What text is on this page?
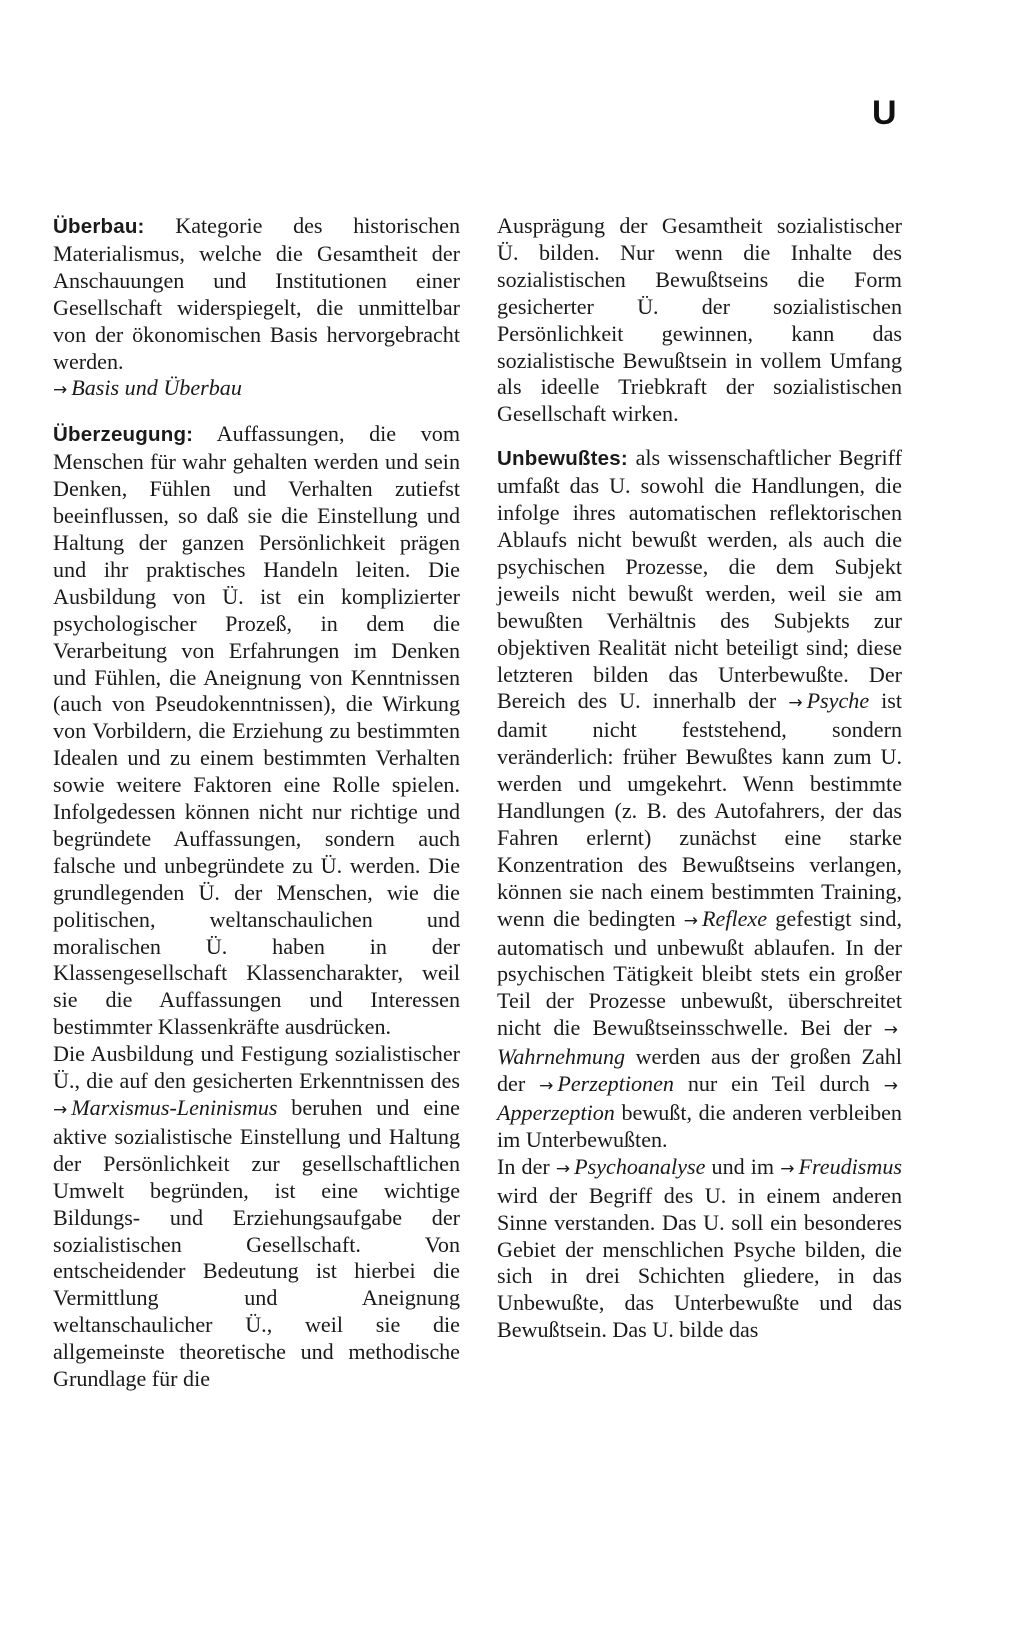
U

Überbau: Kategorie des historischen Materialismus, welche die Gesamtheit der Anschauungen und Institutionen einer Gesellschaft widerspiegelt, die unmittelbar von der ökonomischen Basis hervorgebracht werden.
→ Basis und Überbau

Überzeugung: Auffassungen, die vom Menschen für wahr gehalten werden und sein Denken, Fühlen und Verhalten zutiefst beeinflussen, so daß sie die Einstellung und Haltung der ganzen Persönlichkeit prägen und ihr praktisches Handeln leiten. Die Ausbildung von Ü. ist ein komplizierter psychologischer Prozeß, in dem die Verarbeitung von Erfahrungen im Denken und Fühlen, die Aneignung von Kenntnissen (auch von Pseudokenntnissen), die Wirkung von Vorbildern, die Erziehung zu bestimmten Idealen und zu einem bestimmten Verhalten sowie weitere Faktoren eine Rolle spielen. Infolgedessen können nicht nur richtige und begründete Auffassungen, sondern auch falsche und unbegründete zu Ü. werden. Die grundlegenden Ü. der Menschen, wie die politischen, weltanschaulichen und moralischen Ü. haben in der Klassengesellschaft Klassencharakter, weil sie die Auffassungen und Interessen bestimmter Klassenkräfte ausdrücken.

Die Ausbildung und Festigung sozialistischer Ü., die auf den gesicherten Erkenntnissen des → Marxismus-Leninismus beruhen und eine aktive sozialistische Einstellung und Haltung der Persönlichkeit zur gesellschaftlichen Umwelt begründen, ist eine wichtige Bildungs- und Erziehungsaufgabe der sozialistischen Gesellschaft. Von entscheidender Bedeutung ist hierbei die Vermittlung und Aneignung weltanschaulicher Ü., weil sie die allgemeinste theoretische und methodische Grundlage für die

Ausprägung der Gesamtheit sozialistischer Ü. bilden. Nur wenn die Inhalte des sozialistischen Bewußtseins die Form gesicherter Ü. der sozialistischen Persönlichkeit gewinnen, kann das sozialistische Bewußtsein in vollem Umfang als ideelle Triebkraft der sozialistischen Gesellschaft wirken.

Unbewußtes: als wissenschaftlicher Begriff umfaßt das U. sowohl die Handlungen, die infolge ihres automatischen reflektorischen Ablaufs nicht bewußt werden, als auch die psychischen Prozesse, die dem Subjekt jeweils nicht bewußt werden, weil sie am bewußten Verhältnis des Subjekts zur objektiven Realität nicht beteiligt sind; diese letzteren bilden das Unterbewußte. Der Bereich des U. innerhalb der → Psyche ist damit nicht feststehend, sondern veränderlich: früher Bewußtes kann zum U. werden und umgekehrt. Wenn bestimmte Handlungen (z. B. des Autofahrers, der das Fahren erlernt) zunächst eine starke Konzentration des Bewußtseins verlangen, können sie nach einem bestimmten Training, wenn die bedingten → Reflexe gefestigt sind, automatisch und unbewußt ablaufen. In der psychischen Tätigkeit bleibt stets ein großer Teil der Prozesse unbewußt, überschreitet nicht die Bewußtseinsschwelle. Bei der →Wahrnehmung werden aus der großen Zahl der → Perzeptionen nur ein Teil durch →Apperzeption bewußt, die anderen verbleiben im Unterbewußten.

In der → Psychoanalyse und im → Freudismus wird der Begriff des U. in einem anderen Sinne verstanden. Das U. soll ein besonderes Gebiet der menschlichen Psyche bilden, die sich in drei Schichten gliedere, in das Unbewußte, das Unterbewußte und das Bewußtsein. Das U. bilde das
